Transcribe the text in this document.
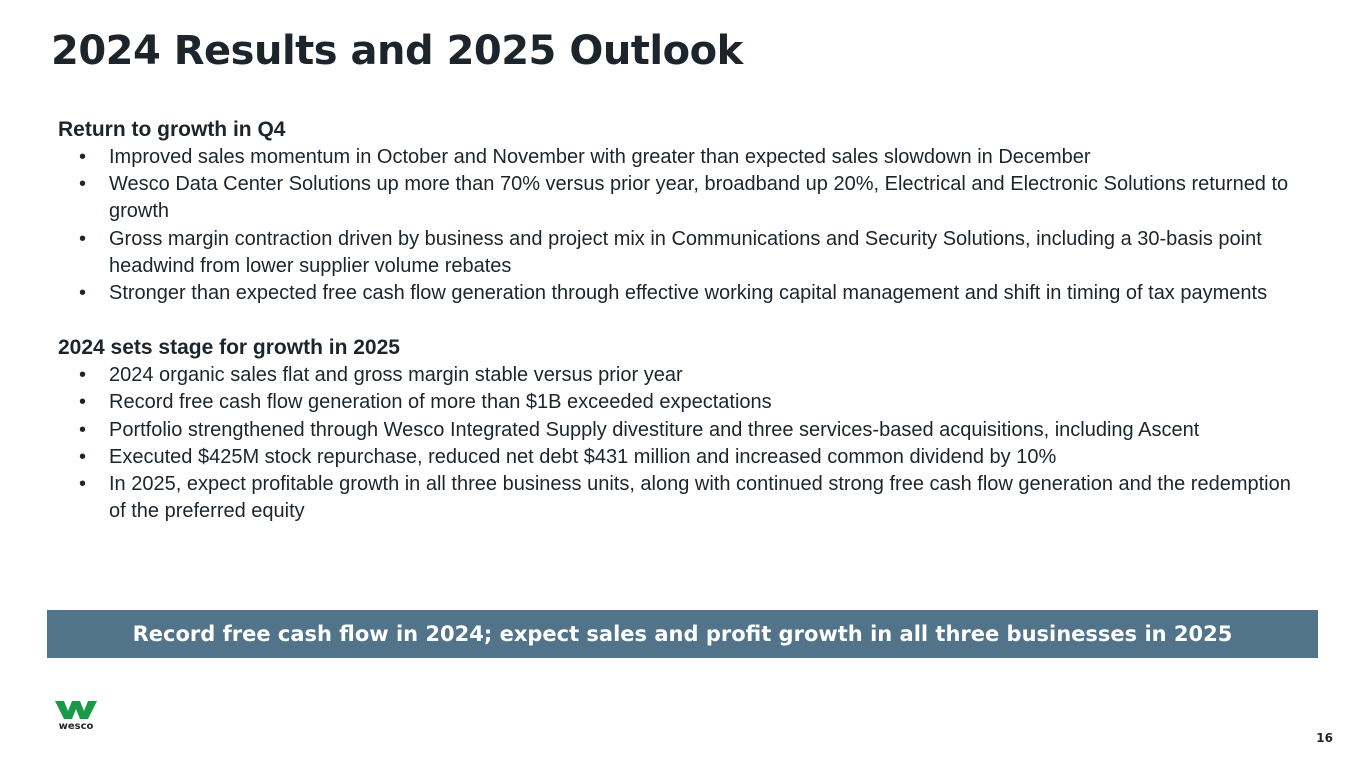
2024 Results and 2025 Outlook

Return to growth in Q4

• Improved sales momentum in October and November with greater than expected sales slowdown in December
• Wesco Data Center Solutions up more than 70% versus prior year, broadband up 20%, Electrical and Electronic Solutions returned to growth
• Gross margin contraction driven by business and project mix in Communications and Security Solutions, including a 30-basis point headwind from lower supplier volume rebates
• Stronger than expected free cash flow generation through effective working capital management and shift in timing of tax payments

2024 sets stage for growth in 2025

• 2024 organic sales flat and gross margin stable versus prior year
• Record free cash flow generation of more than $1B exceeded expectations
• Portfolio strengthened through Wesco Integrated Supply divestiture and three services-based acquisitions, including Ascent
• Executed $425M stock repurchase, reduced net debt $431 million and increased common dividend by 10%
• In 2025, expect profitable growth in all three business units, along with continued strong free cash flow generation and the redemption of the preferred equity
Record free cash flow in 2024; expect sales and profit growth in all three businesses in 2025
wesco
16
